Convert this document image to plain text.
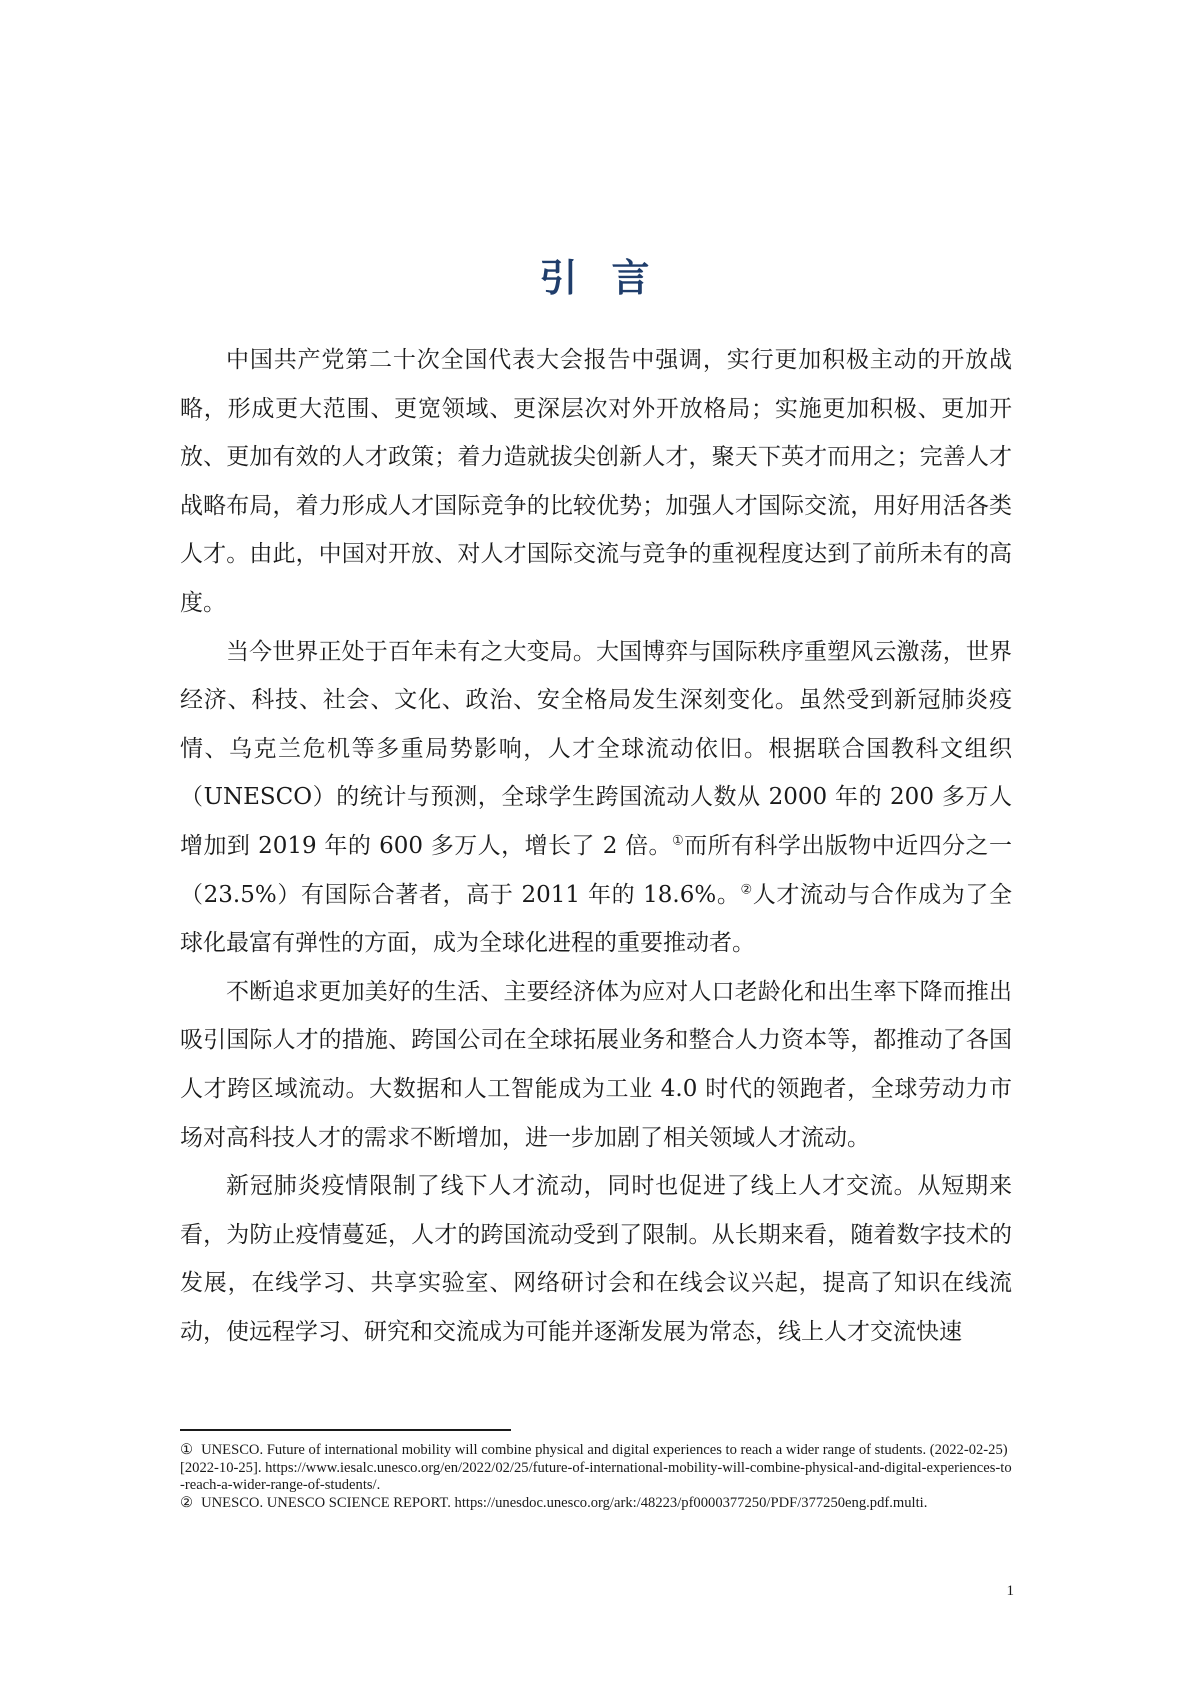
引言

中国共产党第二十次全国代表大会报告中强调，实行更加积极主动的开放战略，形成更大范围、更宽领域、更深层次对外开放格局；实施更加积极、更加开放、更加有效的人才政策；着力造就拔尖创新人才，聚天下英才而用之；完善人才战略布局，着力形成人才国际竞争的比较优势；加强人才国际交流，用好用活各类人才。由此，中国对开放、对人才国际交流与竞争的重视程度达到了前所未有的高度。

当今世界正处于百年未有之大变局。大国博弈与国际秩序重塑风云激荡，世界经济、科技、社会、文化、政治、安全格局发生深刻变化。虽然受到新冠肺炎疫情、乌克兰危机等多重局势影响，人才全球流动依旧。根据联合国教科文组织（UNESCO）的统计与预测，全球学生跨国流动人数从 2000 年的 200 多万人增加到 2019 年的 600 多万人，增长了 2 倍。①而所有科学出版物中近四分之一（23.5%）有国际合著者，高于 2011 年的 18.6%。②人才流动与合作成为了全球化最富有弹性的方面，成为全球化进程的重要推动者。

不断追求更加美好的生活、主要经济体为应对人口老龄化和出生率下降而推出吸引国际人才的措施、跨国公司在全球拓展业务和整合人力资本等，都推动了各国人才跨区域流动。大数据和人工智能成为工业 4.0 时代的领跑者，全球劳动力市场对高科技人才的需求不断增加，进一步加剧了相关领域人才流动。

新冠肺炎疫情限制了线下人才流动，同时也促进了线上人才交流。从短期来看，为防止疫情蔓延，人才的跨国流动受到了限制。从长期来看，随着数字技术的发展，在线学习、共享实验室、网络研讨会和在线会议兴起，提高了知识在线流动，使远程学习、研究和交流成为可能并逐渐发展为常态，线上人才交流快速

① UNESCO. Future of international mobility will combine physical and digital experiences to reach a wider range of students. (2022-02-25)[2022-10-25]. https://www.iesalc.unesco.org/en/2022/02/25/future-of-international-mobility-will-combine-physical-and-digital-experiences-to-reach-a-wider-range-of-students/.

② UNESCO. UNESCO SCIENCE REPORT. https://unesdoc.unesco.org/ark:/48223/pf0000377250/PDF/377250eng.pdf.multi.

1
